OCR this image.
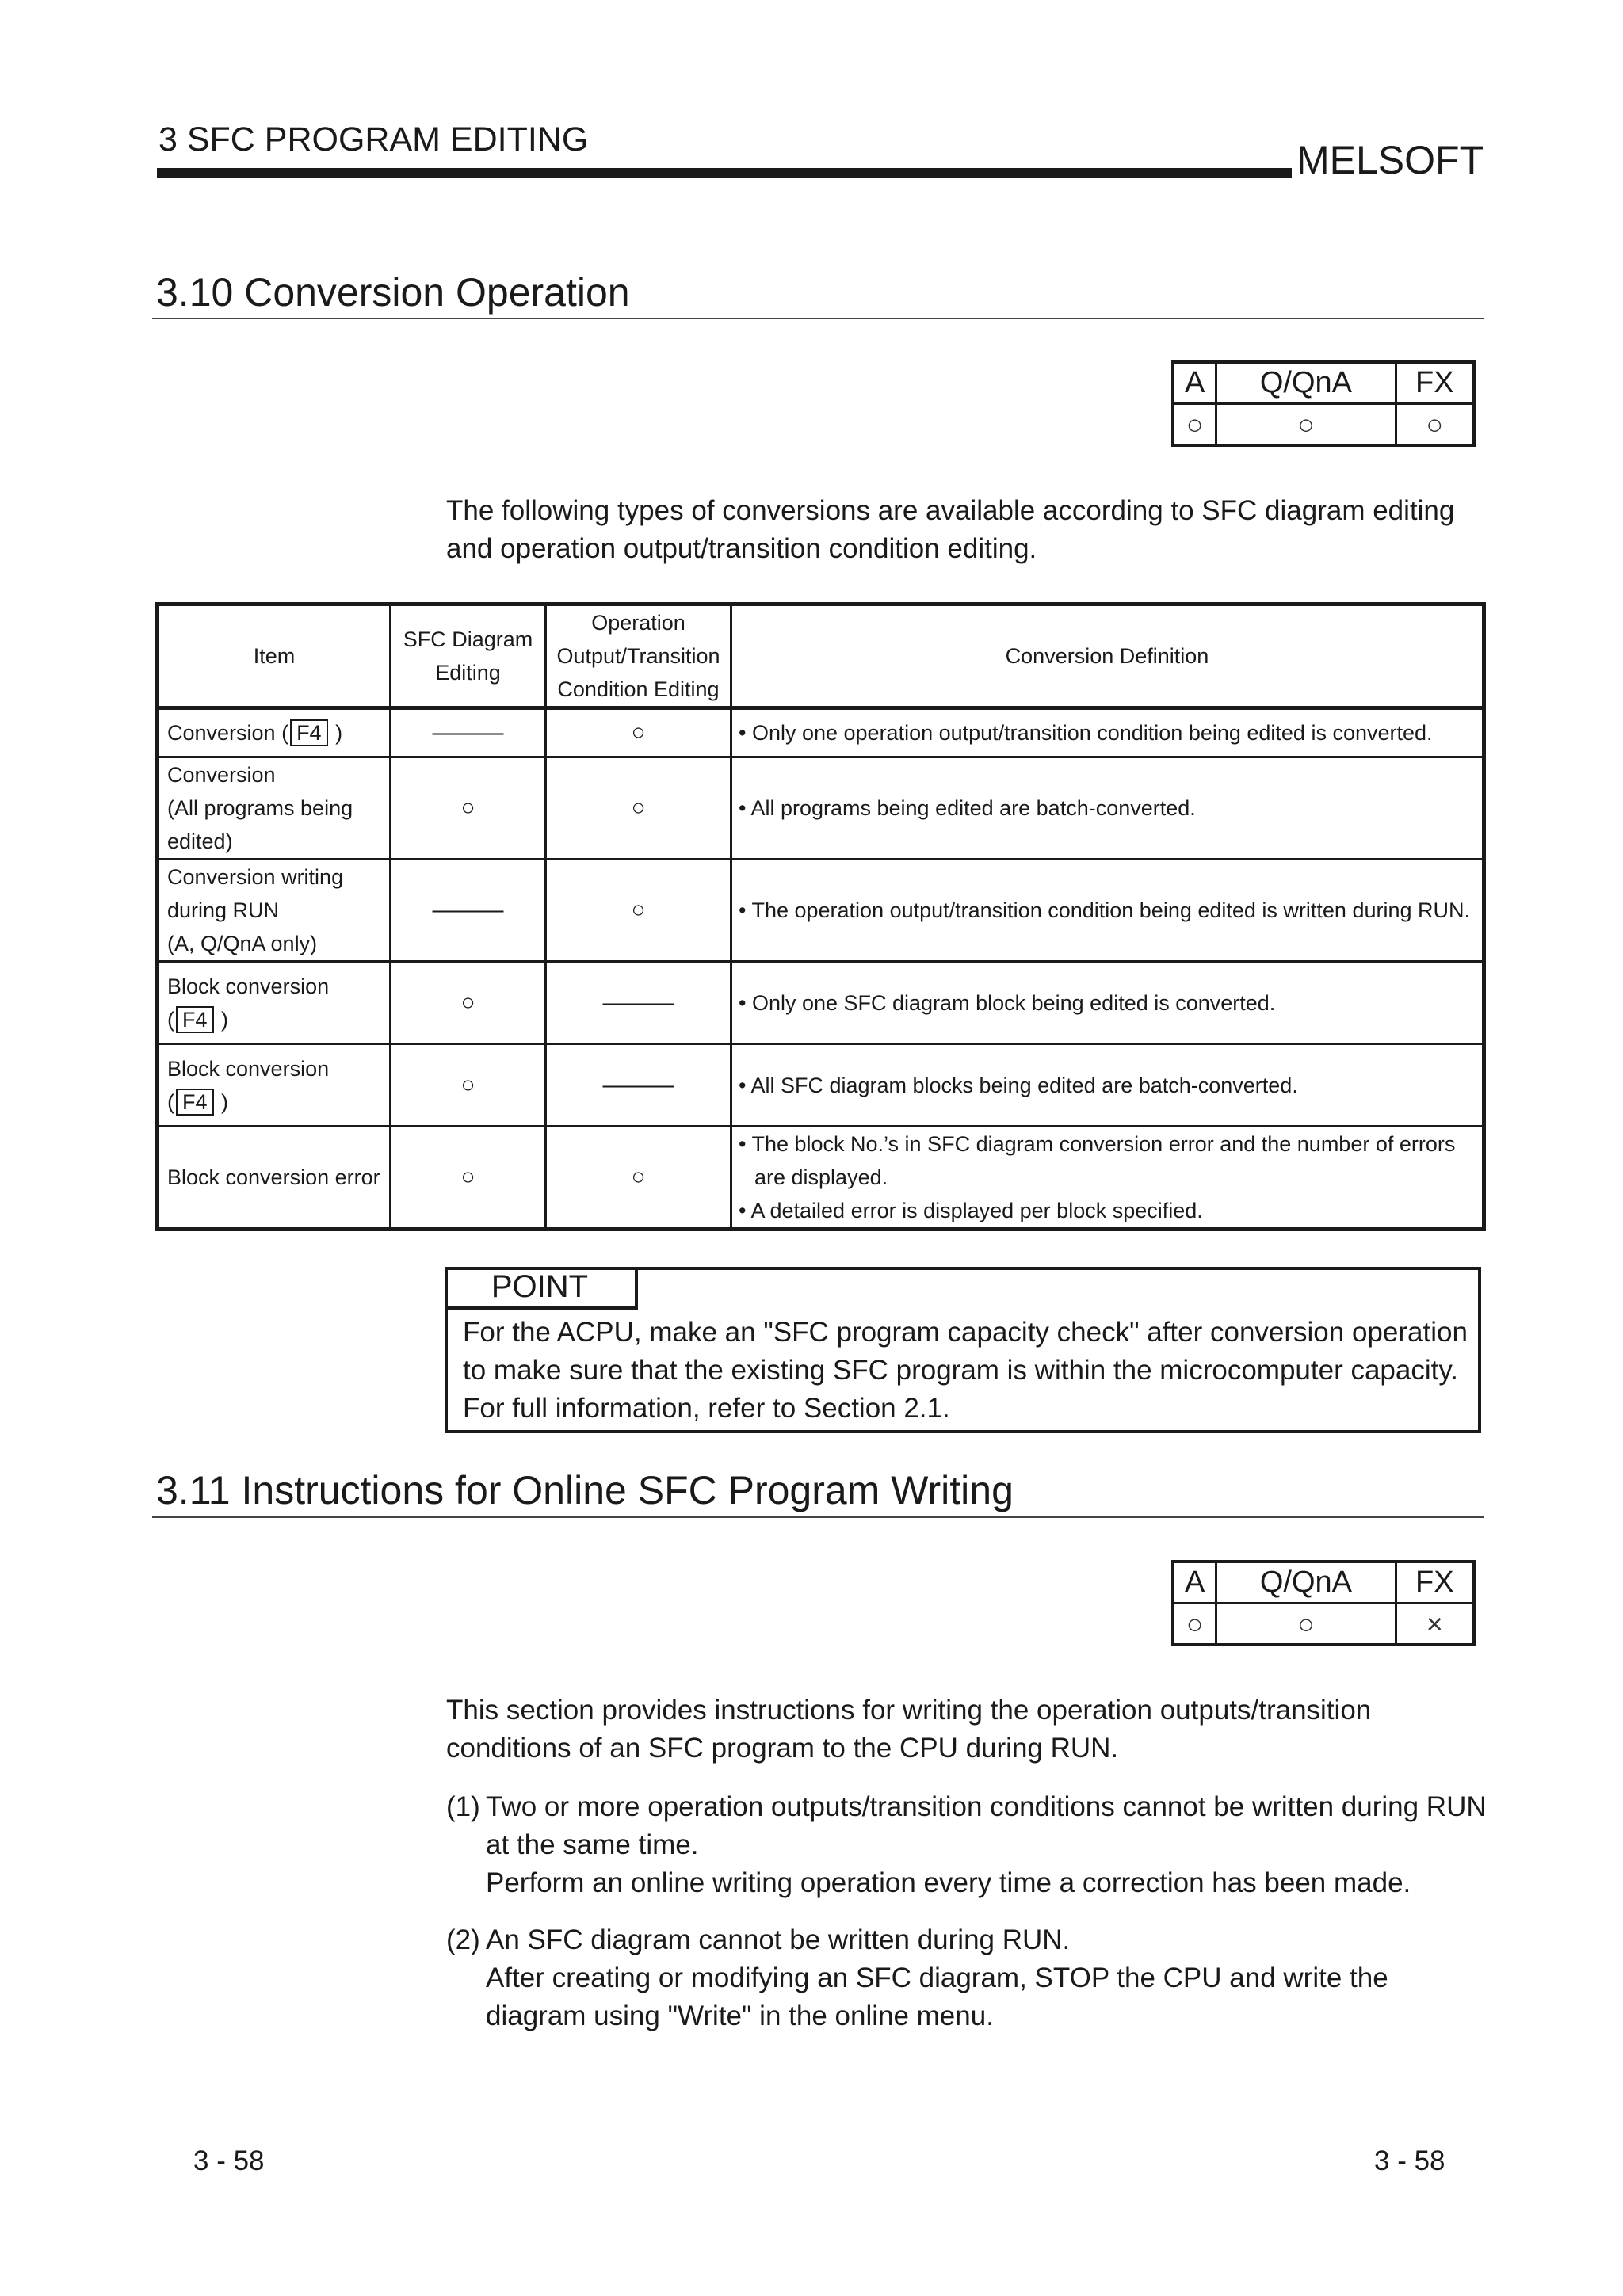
3 SFC PROGRAM EDITING	MELSOFT
3.10 Conversion Operation
A	Q/QnA	FX
○	○	○
The following types of conversions are available according to SFC diagram editing and operation output/transition condition editing.
Item	SFC Diagram Editing	Operation Output/Transition Condition Editing	Conversion Definition
Conversion ( F4 )	———	○	• Only one operation output/transition condition being edited is converted.

Conversion
(All programs being
edited)	○	○	• All programs being edited are batch-converted.

Conversion writing
during RUN
(A, Q/QnA only)	———	○	• The operation output/transition condition being edited is written during RUN.

Block conversion
( F4 )	○	———	• Only one SFC diagram block being edited is converted.

Block conversion
( F4 )	○	———	• All SFC diagram blocks being edited are batch-converted.

Block conversion error	○	○	• The block No.’s in SFC diagram conversion error and the number of errors
are displayed.
• A detailed error is displayed per block specified.
POINT
For the ACPU, make an "SFC program capacity check" after conversion operation
to make sure that the existing SFC program is within the microcomputer capacity.
For full information, refer to Section 2.1.
3.11 Instructions for Online SFC Program Writing
A	Q/QnA	FX
○	○	×
This section provides instructions for writing the operation outputs/transition conditions of an SFC program to the CPU during RUN.
(1) Two or more operation outputs/transition conditions cannot be written during RUN at the same time.
Perform an online writing operation every time a correction has been made.
(2) An SFC diagram cannot be written during RUN.
After creating or modifying an SFC diagram, STOP the CPU and write the diagram using "Write" in the online menu.
3 - 58	3 - 58
